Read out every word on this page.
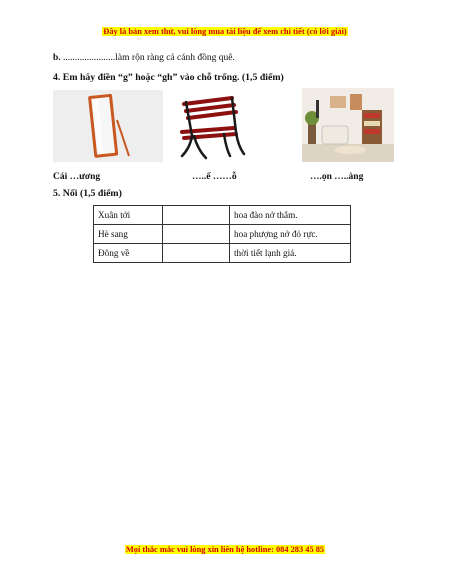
Đây là bản xem thử, vui lòng mua tài liệu để xem chi tiết (có lời giải)
b. ......................làm rộn ràng cả cánh đồng quê.
4. Em hãy điền “g” hoặc “gh” vào chỗ trống. (1,5 điểm)
Cái …ương	…..ế ……ỗ	….ọn …..àng
5. Nối (1,5 điểm)
Xuân tới		hoa đào nở thắm.
Hè sang		hoa phượng nở đỏ rực.
Đông về		thời tiết lạnh giá.
Mọi thắc mắc vui lòng xin liên hệ hotline: 084 283 45 85
